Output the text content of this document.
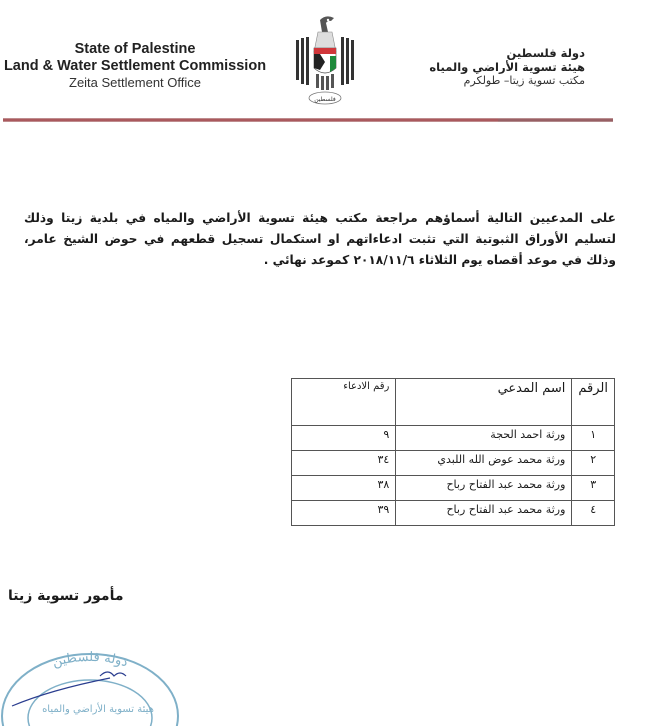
State of Palestine
Land & Water Settlement Commission
Zeita Settlement Office
فلسطين
دولة فلسطين
هيئة تسوية الأراضي والمياه
مكتب تسوية زيتا– طولكرم
على المدعيين التالية أسماؤهم مراجعة مكتب هيئة تسوية الأراضي والمياه في بلدية زيتا وذلك لتسليم الأوراق الثبوتية التي تثبت ادعاءاتهم او استكمال تسجيل قطعهم في حوض الشيخ عامر، وذلك في موعد أقصاه يوم الثلاثاء ٢٠١٨/١١/٦ كموعد نهائي .
الرقم	اسم المدعي	رقم الادعاء
١	ورثة احمد الحجة	٩
٢	ورثة محمد عوض الله اللبدي	٣٤
٣	ورثة محمد عبد الفتاح رباح	٣٨
٤	ورثة محمد عبد الفتاح رباح	٣٩
مأمور تسوية زيتا
دولة فلسطين
هيئة تسوية الأراضي والمياه
